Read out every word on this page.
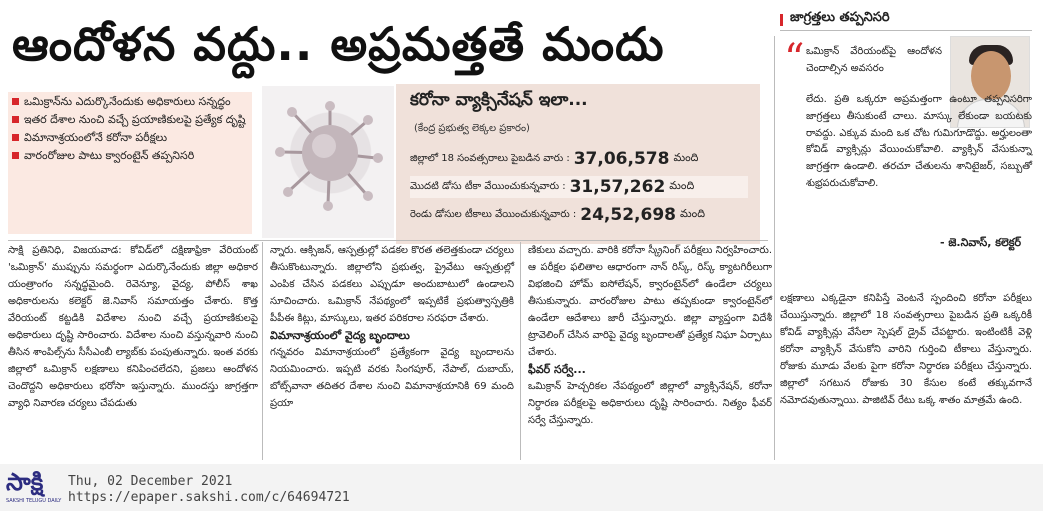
ఆందోళన వద్దు.. అప్రమత్తతే మందు
ఒమిక్రాన్‌ను ఎదుర్కొనేందుకు అధికారులు సన్నద్ధం
ఇతర దేశాల నుంచి వచ్చే ప్రయాణికులపై ప్రత్యేక దృష్టి
విమానాశ్రయంలోనే కరోనా పరీక్షలు
వారంరోజుల పాటు క్వారంటైన్ తప్పనిసరి
కరోనా వ్యాక్సినేషన్ ఇలా...
(కేంద్ర ప్రభుత్వ లెక్కల ప్రకారం)
జిల్లాలో 18 సంవత్సరాలు పైబడిన వారు : 37,06,578 మంది
మొదటి డోసు టీకా వేయించుకున్నవారు : 31,57,262 మంది
రెండు డోసుల టీకాలు వేయించుకున్నవారు : 24,52,698 మంది
జాగ్రత్తలు తప్పనిసరి
“ ఒమిక్రాన్ వేరియంట్‌పై ఆందోళన చెందాల్సిన అవసరం
లేదు. ప్రతి ఒక్కరూ అప్రమత్తంగా ఉంటూ తప్పనిసరిగా జాగ్రత్తలు తీసుకుంటే చాలు. మాస్కు లేకుండా బయటకు రావద్దు. ఎక్కువ మంది ఒక చోట గుమిగూడొద్దు. అర్హులంతా కోవిడ్ వ్యాక్సిన్లు వేయించుకోవాలి. వ్యాక్సిన్ వేసుకున్నా జాగ్రత్తగా ఉండాలి. తరచూ చేతులను శానిటైజర్, సబ్బుతో శుభ్రపరుచుకోవాలి.
- జె.నివాస్, కలెక్టర్
సాక్షి ప్రతినిధి, విజయవాడ: కోవిడ్‌లో దక్షిణాఫ్రికా వేరియంట్ 'ఒమిక్రాన్' ముప్పును సమర్థంగా ఎదుర్కొనేందుకు జిల్లా అధికార యంత్రాంగం సన్నద్ధమైంది. రెవెన్యూ, వైద్య, పోలీస్ శాఖ అధికారులను కలెక్టర్ జె.నివాస్ సమాయత్తం చేశారు. కొత్త వేరియంట్ కట్టడికి విదేశాల నుంచి వచ్చే ప్రయాణికులపై అధికారులు దృష్టి సారించారు. విదేశాల నుంచి వస్తున్నవారి నుంచి తీసిన శాంపిల్స్‌ను సీసీఎంబీ ల్యాబ్‌కు పంపుతున్నారు. ఇంత వరకు జిల్లాలో ఒమిక్రాన్ లక్షణాలు కనిపించలేదని, ప్రజలు ఆందోళన చెందొద్దని అధికారులు భరోసా ఇస్తున్నారు. ముందస్తు జాగ్రత్తగా వ్యాధి నివారణ చర్యలు చేపడుతు
న్నారు. ఆక్సిజన్, ఆస్పత్రుల్లో పడకల కొరత తలెత్తకుండా చర్యలు తీసుకొంటున్నారు. జిల్లాలోని ప్రభుత్వ, ప్రైవేటు ఆస్పత్రుల్లో ఎంపిక చేసిన పడకలు ఎప్పుడూ అందుబాటులో ఉండాలని సూచించారు. ఒమిక్రాన్ నేపథ్యంలో ఇప్పటికే ప్రభుత్వాస్పత్రికి పీపీఈ కిట్లు, మాస్కులు, ఇతర పరికరాల సరఫరా చేశారు.
విమానాశ్రయంలో వైద్య బృందాలు
గన్నవరం విమానాశ్రయంలో ప్రత్యేకంగా వైద్య బృందాలను నియమించారు. ఇప్పటి వరకు సింగపూర్, నేపాల్, దుబాయ్, బోట్స్‌వానా తదితర దేశాల నుంచి విమానాశ్రయానికి 69 మంది ప్రయా
ణికులు వచ్చారు. వారికి కరోనా స్క్రీనింగ్ పరీక్షలు నిర్వహించారు. ఆ పరీక్షల ఫలితాల ఆధారంగా నాన్ రిస్క్, రిస్క్ క్యాటగిరీలుగా విభజించి హోమ్ ఐసోలేషన్, క్వారంటైన్‌లో ఉండేలా చర్యలు తీసుకున్నారు. వారంరోజుల పాటు తప్పకుండా క్వారంటైన్‌లో ఉండేలా ఆదేశాలు జారీ చేస్తున్నారు. జిల్లా వ్యాప్తంగా విదేశీ ట్రావెలింగ్ చేసిన వారిపై వైద్య బృందాలతో ప్రత్యేక నిఘా ఏర్పాటు చేశారు.
ఫీవర్ సర్వే...
ఒమిక్రాన్ హెచ్చరికల నేపథ్యంలో జిల్లాలో వ్యాక్సినేషన్, కరోనా నిర్ధారణ పరీక్షలపై అధికారులు దృష్టి సారించారు. నిత్యం ఫీవర్ సర్వే చేస్తున్నారు.
లక్షణాలు ఎక్కడైనా కనిపిస్తే వెంటనే స్పందించి కరోనా పరీక్షలు చేయిస్తున్నారు. జిల్లాలో 18 సంవత్సరాలు పైబడిన ప్రతి ఒక్కరికీ కోవిడ్ వ్యాక్సిన్లు వేసేలా స్పెషల్ డ్రైవ్ చేపట్టారు. ఇంటింటికీ వెళ్లి కరోనా వ్యాక్సిన్ వేసుకోని వారిని గుర్తించి టీకాలు వేస్తున్నారు. రోజుకు మూడు వేలకు పైగా కరోనా నిర్ధారణ పరీక్షలు చేస్తున్నారు. జిల్లాలో సగటున రోజుకు 30 కేసుల కంటే తక్కువగానే నమోదవుతున్నాయి. పాజిటివ్ రేటు ఒక్క శాతం మాత్రమే ఉంది.
సాక్షి
SAKSHI TELUGU DAILY
Thu, 02 December 2021
https://epaper.sakshi.com/c/64694721
